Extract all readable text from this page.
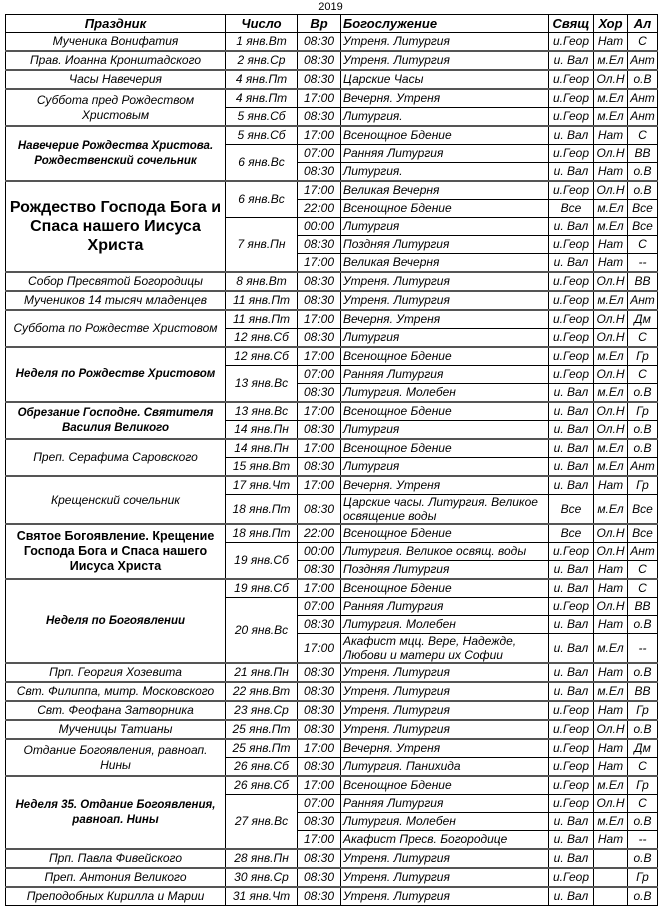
2019
Праздник	Число	Вр	Богослужение	Свящ	Хор	Ал
Мученика Вонифатия	1 янв.Вт	08:30	Утреня. Литургия	и.Геор	Нат	С
Прав. Иоанна Кронштадского	2 янв.Ср	08:30	Утреня. Литургия	и. Вал	м.Ел	Ант
Часы Навечерия	4 янв.Пт	08:30	Царские Часы	и.Геор	Ол.Н	о.В
Суббота пред Рождеством Христовым	4 янв.Пт	17:00	Вечерня. Утреня	и.Геор	м.Ел	Ант
	5 янв.Сб	08:30	Литургия.	и.Геор	м.Ел	Ант
Навечерие Рождества Христова. Рождественский сочельник	5 янв.Сб	17:00	Всенощное Бдение	и. Вал	Нат	С
	6 янв.Вс	07:00	Ранняя Литургия	и.Геор	Ол.Н	ВВ
		08:30	Литургия.	и. Вал	Нат	о.В
Рождество Господа Бога и Спаса нашего Иисуса Христа	6 янв.Вс	17:00	Великая Вечерня	и.Геор	Ол.Н	о.В
		22:00	Всенощное Бдение	Все	м.Ел	Все
	7 янв.Пн	00:00	Литургия	и. Вал	м.Ел	Все
		08:30	Поздняя Литургия	и.Геор	Нат	С
		17:00	Великая Вечерня	и. Вал	Нат	--
Собор Пресвятой Богородицы	8 янв.Вт	08:30	Утреня. Литургия	и.Геор	Ол.Н	ВВ
Мучеников 14 тысяч младенцев	11 янв.Пт	08:30	Утреня. Литургия	и.Геор	м.Ел	Ант
Суббота по Рождестве Христовом	11 янв.Пт	17:00	Вечерня. Утреня	и.Геор	Ол.Н	Дм
	12 янв.Сб	08:30	Литургия	и.Геор	Ол.Н	С
Неделя по Рождестве Христовом	12 янв.Сб	17:00	Всенощное Бдение	и.Геор	м.Ел	Гр
	13 янв.Вс	07:00	Ранняя Литургия	и.Геор	Ол.Н	С
		08:30	Литургия. Молебен	и. Вал	м.Ел	о.В
Обрезание Господне. Святителя Василия Великого	13 янв.Вс	17:00	Всенощное Бдение	и. Вал	Ол.Н	Гр
	14 янв.Пн	08:30	Литургия	и. Вал	Ол.Н	о.В
Преп. Серафима Саровского	14 янв.Пн	17:00	Всенощное Бдение	и. Вал	м.Ел	о.В
	15 янв.Вт	08:30	Литургия	и. Вал	м.Ел	Ант
Крещенский сочельник	17 янв.Чт	17:00	Вечерня. Утреня	и. Вал	Нат	Гр
	18 янв.Пт	08:30	Царские часы. Литургия. Великое освящение воды	Все	м.Ел	Все
Святое Богоявление. Крещение Господа Бога и Спаса нашего Иисуса Христа	18 янв.Пт	22:00	Всенощное Бдение	Все	Ол.Н	Все
	19 янв.Сб	00:00	Литургия. Великое освящ. воды	и.Геор	Ол.Н	Ант
		08:30	Поздняя Литургия	и. Вал	Нат	С
Неделя по Богоявлении	19 янв.Сб	17:00	Всенощное Бдение	и. Вал	Нат	С
	20 янв.Вс	07:00	Ранняя Литургия	и.Геор	Ол.Н	ВВ
		08:30	Литургия. Молебен	и. Вал	Нат	о.В
		17:00	Акафист мцц. Вере, Надежде, Любови и матери их Софии	и. Вал	м.Ел	--
Прп. Георгия Хозевита	21 янв.Пн	08:30	Утреня. Литургия	и. Вал	Нат	о.В
Свт. Филиппа, митр. Московского	22 янв.Вт	08:30	Утреня. Литургия	и. Вал	м.Ел	ВВ
Свт. Феофана Затворника	23 янв.Ср	08:30	Утреня. Литургия	и.Геор	Нат	Гр
Мученицы Татианы	25 янв.Пт	08:30	Утреня. Литургия	и.Геор	Ол.Н	о.В
Отдание Богоявления, равноап. Нины	25 янв.Пт	17:00	Вечерня. Утреня	и.Геор	Нат	Дм
	26 янв.Сб	08:30	Литургия. Панихида	и.Геор	Нат	С
Неделя 35. Отдание Богоявления, равноап. Нины	26 янв.Сб	17:00	Всенощное Бдение	и.Геор	м.Ел	Гр
	27 янв.Вс	07:00	Ранняя Литургия	и.Геор	Ол.Н	С
		08:30	Литургия. Молебен	и. Вал	м.Ел	о.В
		17:00	Акафист Пресв. Богородице	и. Вал	Нат	--
Прп. Павла Фивейского	28 янв.Пн	08:30	Утреня. Литургия	и. Вал		о.В
Преп. Антония Великого	30 янв.Ср	08:30	Утреня. Литургия	и.Геор		Гр
Преподобных Кирилла и Марии	31 янв.Чт	08:30	Утреня. Литургия	и. Вал		о.В
